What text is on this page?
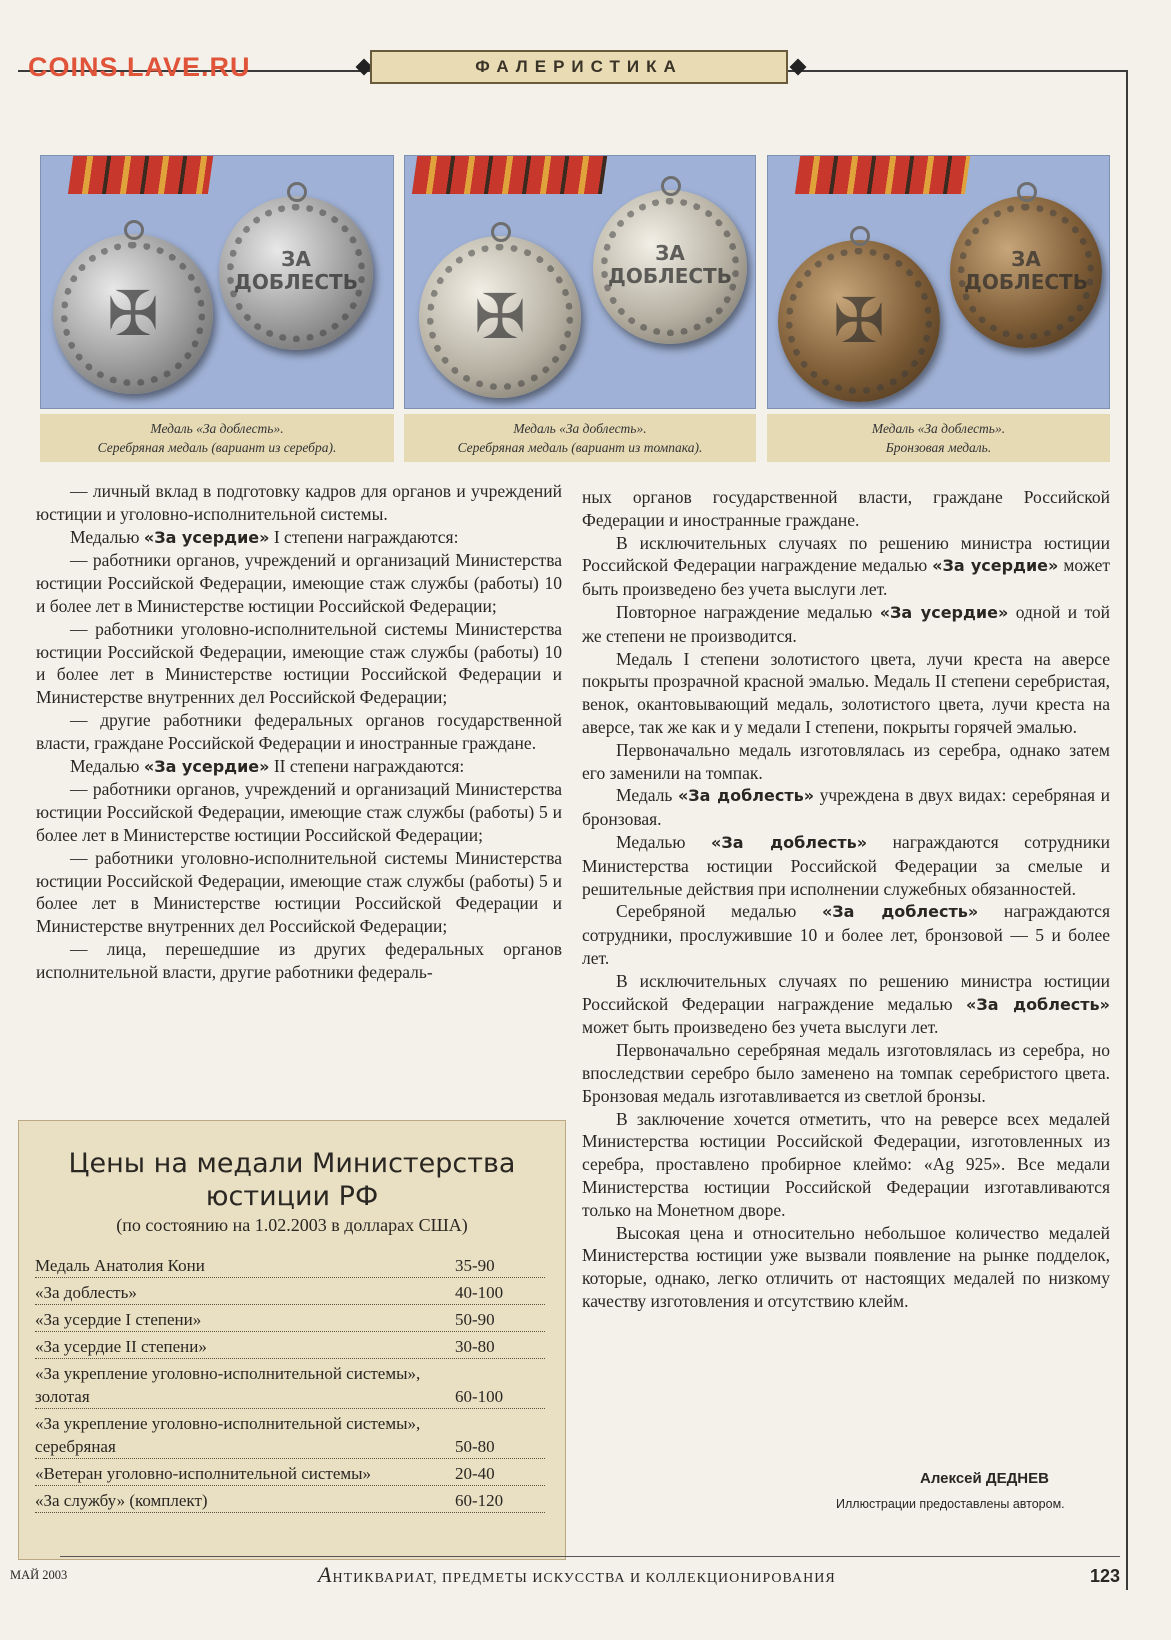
COINS.LAVE.RU	ФАЛЕРИСТИКА
✠
ЗА
ДОБЛЕСТЬ
Медаль «За доблесть».
Серебряная медаль (вариант из серебра).
✠
ЗА
ДОБЛЕСТЬ
Медаль «За доблесть».
Серебряная медаль (вариант из томпака).
✠
ЗА
ДОБЛЕСТЬ
Медаль «За доблесть».
Бронзовая медаль.

— личный вклад в подготовку кадров для органов и учреждений юстиции и уголовно-исполнительной системы.

Медалью «За усердие» I степени награждаются:

— работники органов, учреждений и организаций Министерства юстиции Российской Федерации, имеющие стаж службы (работы) 10 и более лет в Министерстве юстиции Российской Федерации;

— работники уголовно-исполнительной системы Министерства юстиции Российской Федерации, имеющие стаж службы (работы) 10 и более лет в Министерстве юстиции Российской Федерации и Министерстве внутренних дел Российской Федерации;

— другие работники федеральных органов государственной власти, граждане Российской Федерации и иностранные граждане.

Медалью «За усердие» II степени награждаются:

— работники органов, учреждений и организаций Министерства юстиции Российской Федерации, имеющие стаж службы (работы) 5 и более лет в Министерстве юстиции Российской Федерации;

— работники уголовно-исполнительной системы Министерства юстиции Российской Федерации, имеющие стаж службы (работы) 5 и более лет в Министерстве юстиции Российской Федерации и Министерстве внутренних дел Российской Федерации;

— лица, перешедшие из других федеральных органов исполнительной власти, другие работники федераль-

ных органов государственной власти, граждане Российской Федерации и иностранные граждане.

В исключительных случаях по решению министра юстиции Российской Федерации награждение медалью «За усердие» может быть произведено без учета выслуги лет.

Повторное награждение медалью «За усердие» одной и той же степени не производится.

Медаль I степени золотистого цвета, лучи креста на аверсе покрыты прозрачной красной эмалью. Медаль II степени серебристая, венок, окантовывающий медаль, золотистого цвета, лучи креста на аверсе, так же как и у медали I степени, покрыты горячей эмалью.

Первоначально медаль изготовлялась из серебра, однако затем его заменили на томпак.

Медаль «За доблесть» учреждена в двух видах: серебряная и бронзовая.

Медалью «За доблесть» награждаются сотрудники Министерства юстиции Российской Федерации за смелые и решительные действия при исполнении служебных обязанностей.

Серебряной медалью «За доблесть» награждаются сотрудники, прослужившие 10 и более лет, бронзовой — 5 и более лет.

В исключительных случаях по решению министра юстиции Российской Федерации награждение медалью «За доблесть» может быть произведено без учета выслуги лет.

Первоначально серебряная медаль изготовлялась из серебра, но впоследствии серебро было заменено на томпак серебристого цвета. Бронзовая медаль изготавливается из светлой бронзы.

В заключение хочется отметить, что на реверсе всех медалей Министерства юстиции Российской Федерации, изготовленных из серебра, проставлено пробирное клеймо: «Ag 925». Все медали Министерства юстиции Российской Федерации изготавливаются только на Монетном дворе.

Высокая цена и относительно небольшое количество медалей Министерства юстиции уже вызвали появление на рынке подделок, которые, однако, легко отличить от настоящих медалей по низкому качеству изготовления и отсутствию клейм.

Цены на медали Министерства
юстиции РФ
(по состоянию на 1.02.2003 в долларах США)
Медаль Анатолия Кони	35-90
«За доблесть»	40-100
«За усердие I степени»	50-90
«За усердие II степени»	30-80
«За укрепление уголовно-исполнительной системы», золотая	60-100
«За укрепление уголовно-исполнительной системы», серебряная	50-80
«Ветеран уголовно-исполнительной системы»	20-40
«За службу» (комплект)	60-120
Алексей ДЕДНЕВ
Иллюстрации предоставлены автором.
МАЙ 2003	АНТИКВАРИАТ, ПРЕДМЕТЫ ИСКУССТВА И КОЛЛЕКЦИОНИРОВАНИЯ	123
